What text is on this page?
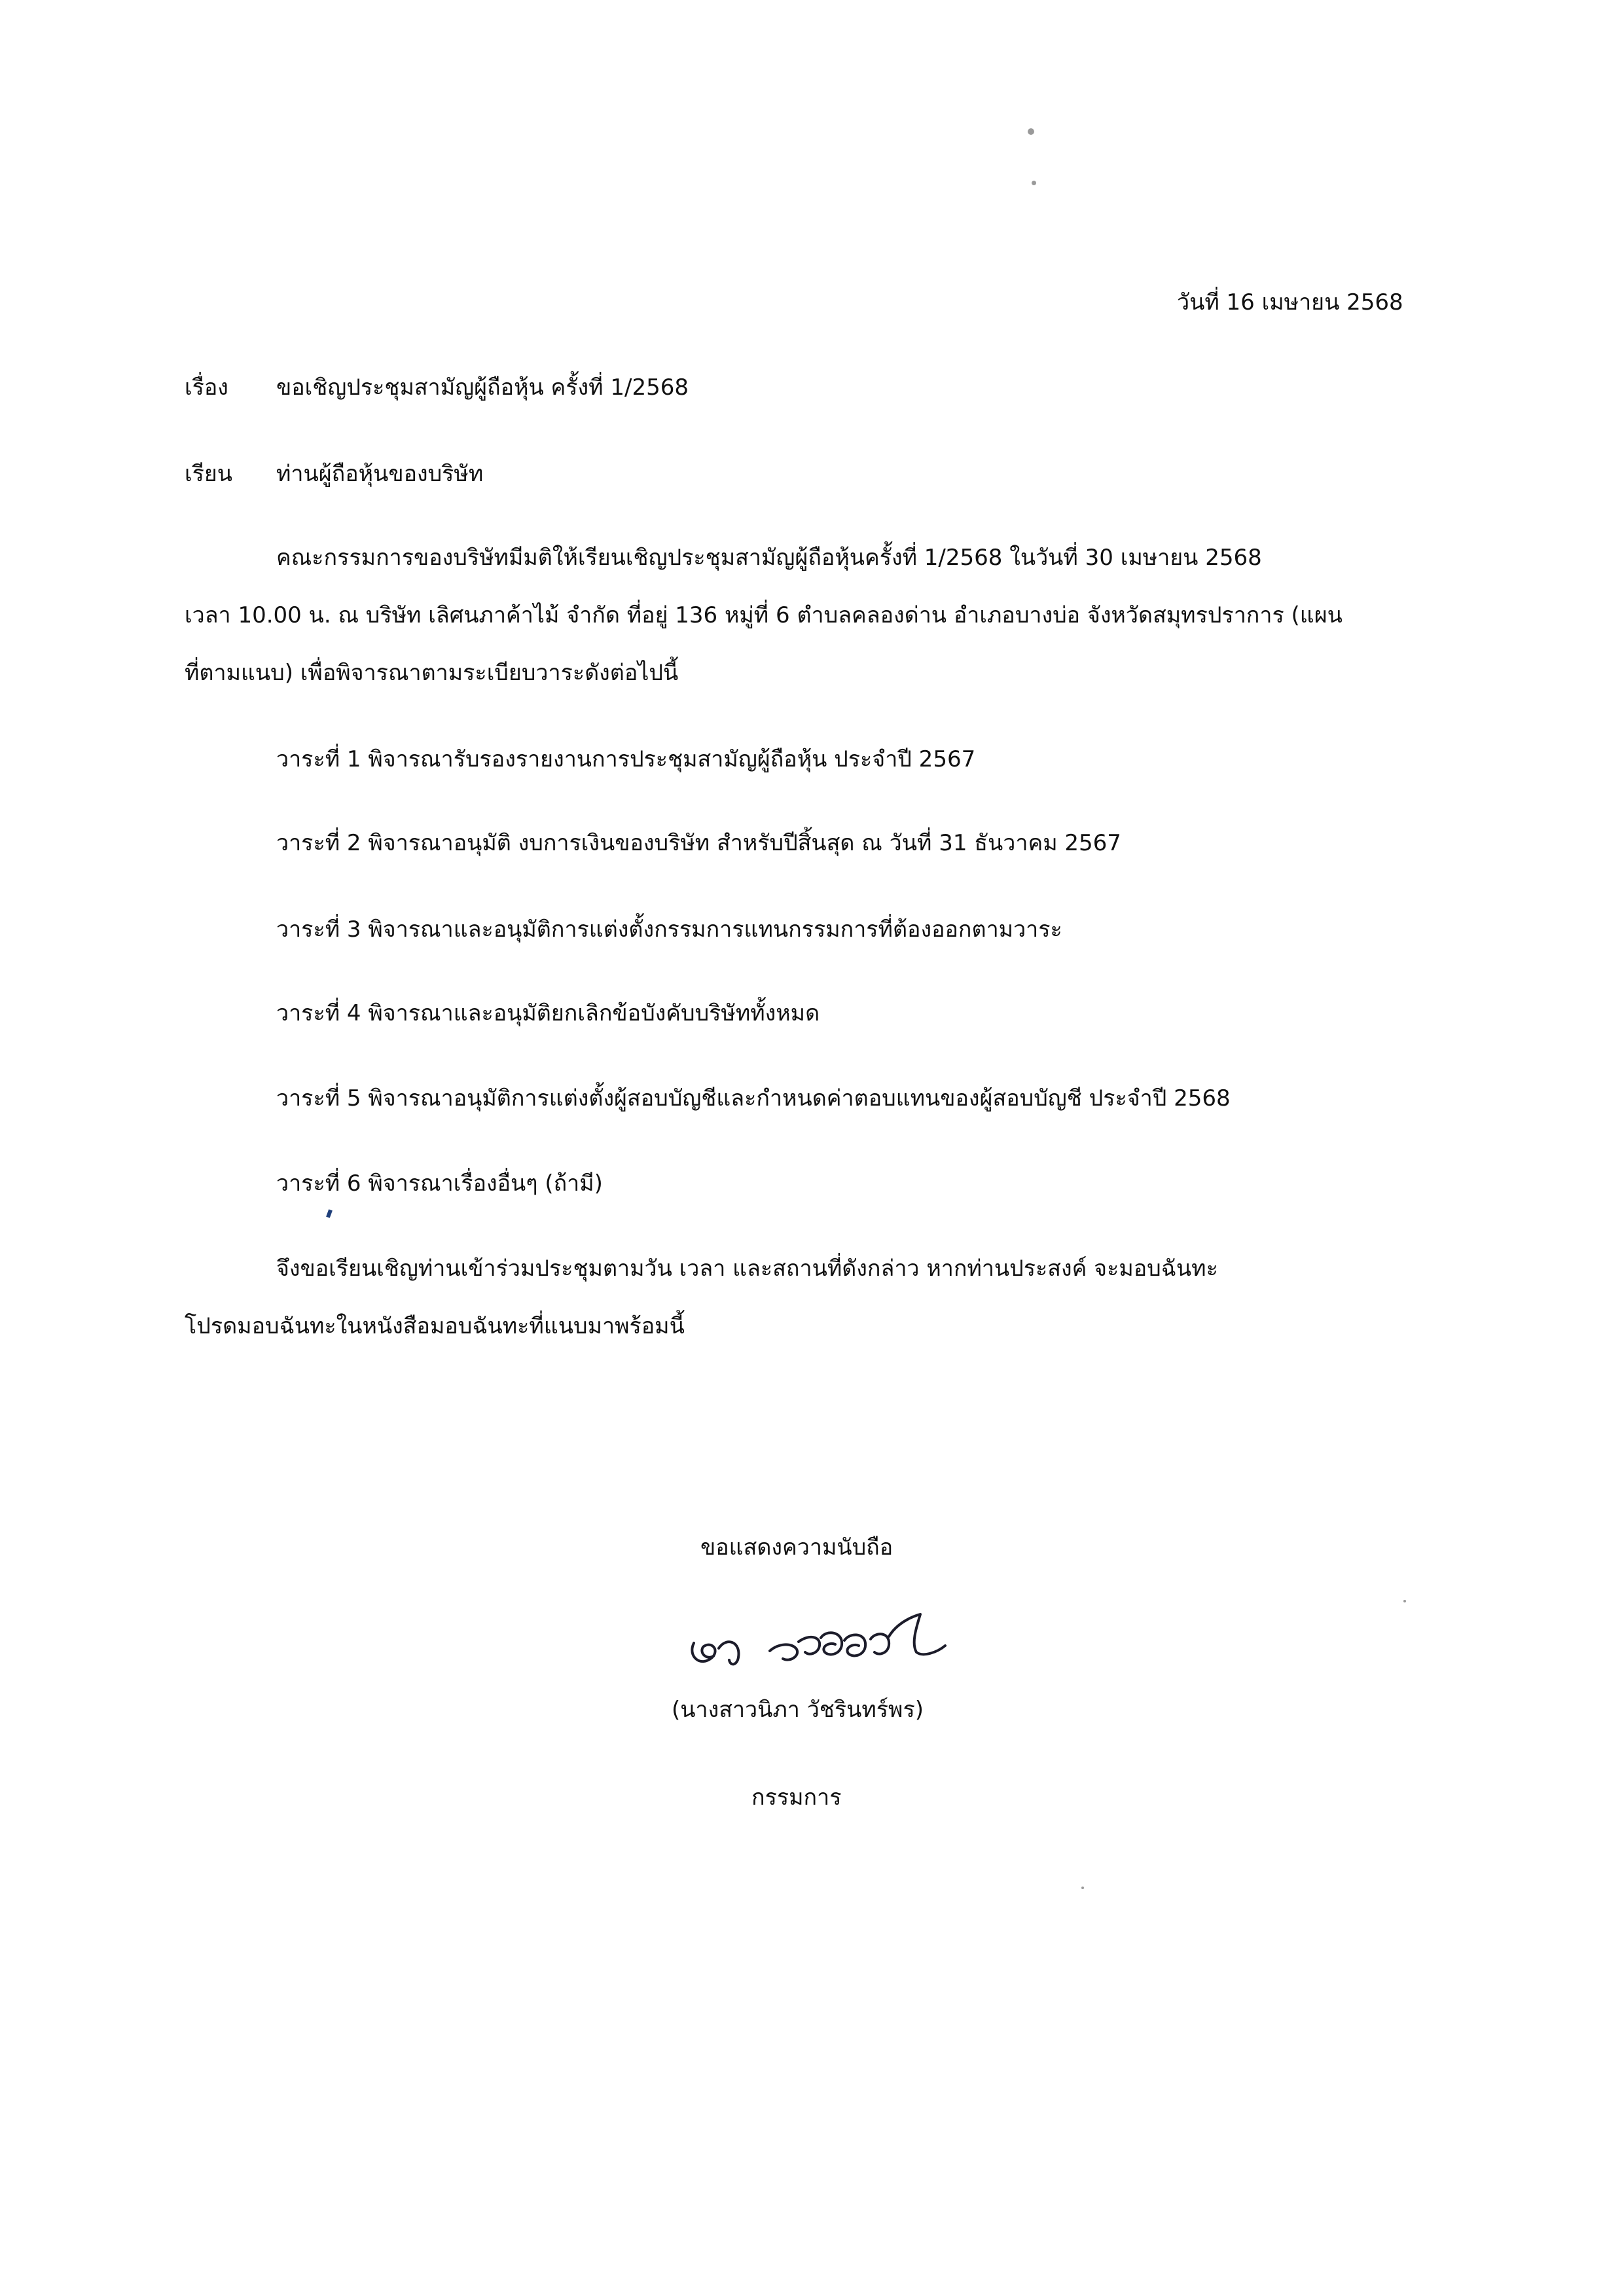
วันที่ 16 เมษายน 2568
เรื่อง ขอเชิญประชุมสามัญผู้ถือหุ้น ครั้งที่ 1/2568
เรียน ท่านผู้ถือหุ้นของบริษัท
คณะกรรมการของบริษัทมีมติให้เรียนเชิญประชุมสามัญผู้ถือหุ้นครั้งที่ 1/2568 ในวันที่ 30 เมษายน 2568
เวลา 10.00 น. ณ บริษัท เลิศนภาค้าไม้ จำกัด ที่อยู่ 136 หมู่ที่ 6 ตำบลคลองด่าน อำเภอบางบ่อ จังหวัดสมุทรปราการ (แผน
ที่ตามแนบ) เพื่อพิจารณาตามระเบียบวาระดังต่อไปนี้
วาระที่ 1 พิจารณารับรองรายงานการประชุมสามัญผู้ถือหุ้น ประจำปี 2567
วาระที่ 2 พิจารณาอนุมัติ งบการเงินของบริษัท สำหรับปีสิ้นสุด ณ วันที่ 31 ธันวาคม 2567
วาระที่ 3 พิจารณาและอนุมัติการแต่งตั้งกรรมการแทนกรรมการที่ต้องออกตามวาระ
วาระที่ 4 พิจารณาและอนุมัติยกเลิกข้อบังคับบริษัททั้งหมด
วาระที่ 5 พิจารณาอนุมัติการแต่งตั้งผู้สอบบัญชีและกำหนดค่าตอบแทนของผู้สอบบัญชี ประจำปี 2568
วาระที่ 6 พิจารณาเรื่องอื่นๆ (ถ้ามี)
จึงขอเรียนเชิญท่านเข้าร่วมประชุมตามวัน เวลา และสถานที่ดังกล่าว หากท่านประสงค์ จะมอบฉันทะ
โปรดมอบฉันทะในหนังสือมอบฉันทะที่แนบมาพร้อมนี้
ขอแสดงความนับถือ
(นางสาวนิภา วัชรินทร์พร)
กรรมการ
